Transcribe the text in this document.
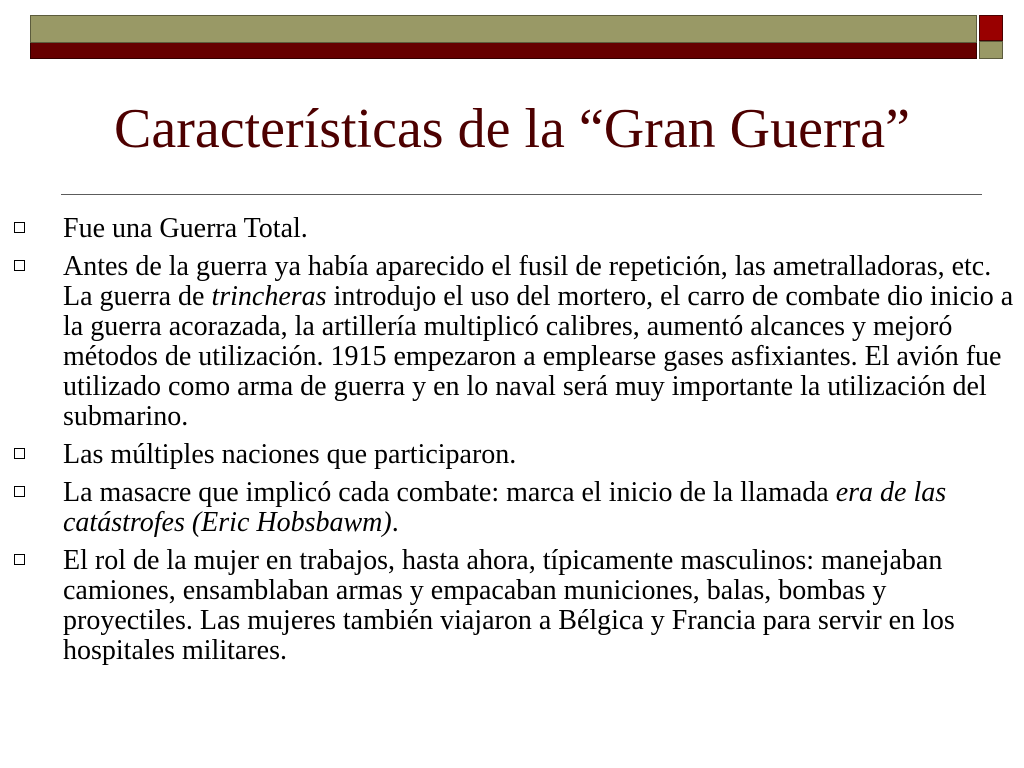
Características de la “Gran Guerra”
Fue una Guerra Total.
Antes de la guerra ya había aparecido el fusil de repetición, las ametralladoras, etc. La guerra de trincheras introdujo el uso del mortero, el carro de combate dio inicio a la guerra acorazada, la artillería multiplicó calibres, aumentó alcances y mejoró métodos de utilización. 1915 empezaron a emplearse gases asfixiantes. El avión fue utilizado como arma de guerra y en lo naval será muy importante la utilización del submarino.
Las múltiples naciones que participaron.
La masacre que implicó cada combate: marca el inicio de la llamada era de las catástrofes (Eric Hobsbawm).
El rol de la mujer en trabajos, hasta ahora, típicamente masculinos: manejaban camiones, ensamblaban armas y empacaban municiones, balas, bombas y proyectiles. Las mujeres también viajaron a Bélgica y Francia para servir en los hospitales militares.
